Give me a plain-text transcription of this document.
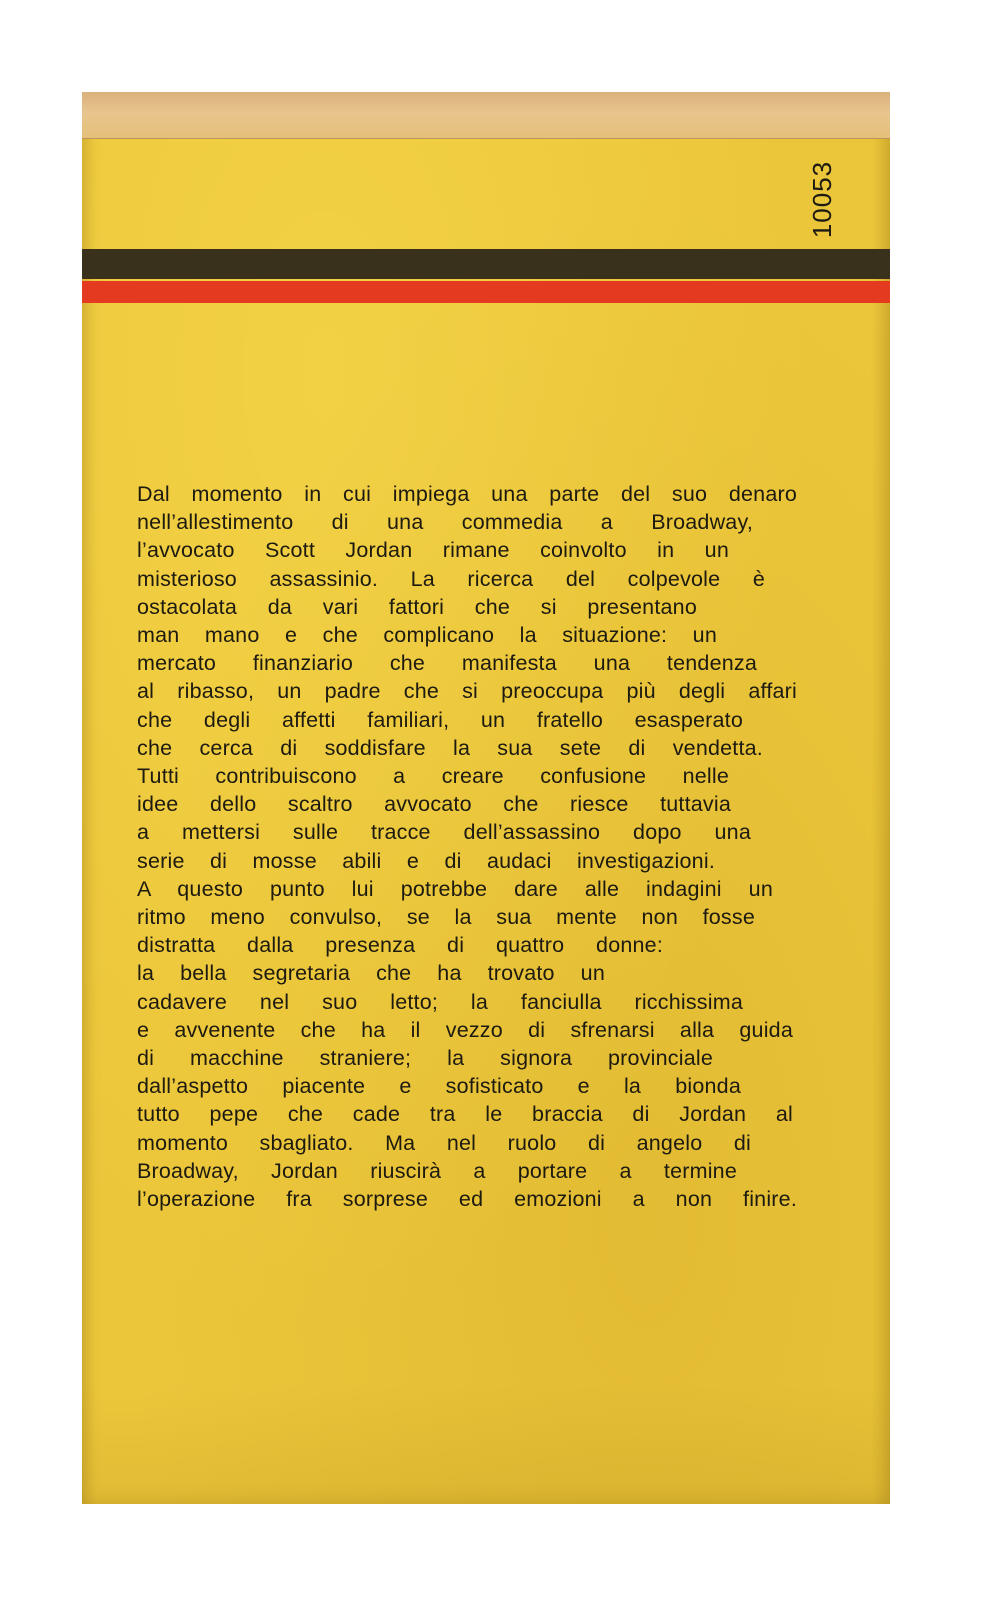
10053
Dal momento in cui impiega una parte del suo denaro
nell’allestimento di una commedia a Broadway,
l’avvocato Scott Jordan rimane coinvolto in un
misterioso assassinio. La ricerca del colpevole è
ostacolata da vari fattori che si presentano
man mano e che complicano la situazione: un
mercato finanziario che manifesta una tendenza
al ribasso, un padre che si preoccupa più degli affari
che degli affetti familiari, un fratello esasperato
che cerca di soddisfare la sua sete di vendetta.
Tutti contribuiscono a creare confusione nelle
idee dello scaltro avvocato che riesce tuttavia
a mettersi sulle tracce dell’assassino dopo una
serie di mosse abili e di audaci investigazioni.
A questo punto lui potrebbe dare alle indagini un
ritmo meno convulso, se la sua mente non fosse
distratta dalla presenza di quattro donne:
la bella segretaria che ha trovato un
cadavere nel suo letto; la fanciulla ricchissima
e avvenente che ha il vezzo di sfrenarsi alla guida
di macchine straniere; la signora provinciale
dall’aspetto piacente e sofisticato e la bionda
tutto pepe che cade tra le braccia di Jordan al
momento sbagliato. Ma nel ruolo di angelo di
Broadway, Jordan riuscirà a portare a termine
l’operazione fra sorprese ed emozioni a non finire.
